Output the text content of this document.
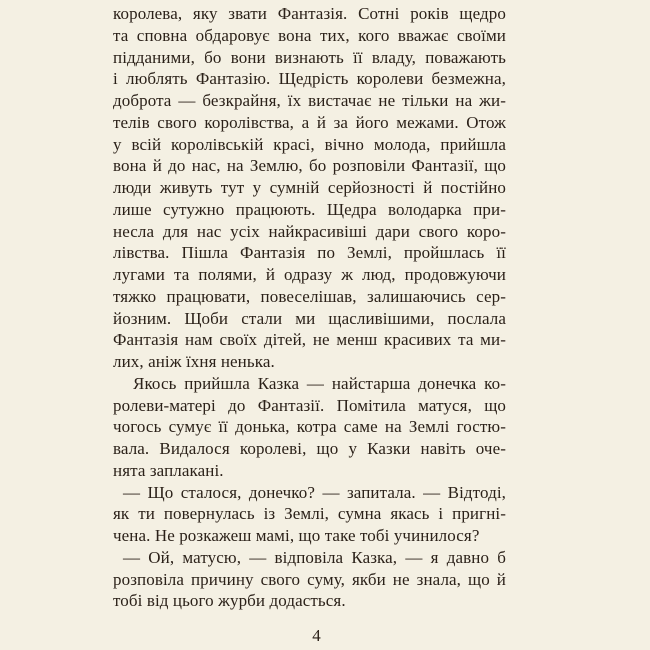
королева, яку звати Фантазія. Сотні років щедро
та сповна обдаровує вона тих, кого вважає своїми
підданими, бо вони визнають її владу, поважають
і люблять Фантазію. Щедрість королеви безмежна,
доброта — безкрайня, їх вистачає не тільки на жи-
телів свого королівства, а й за його межами. Отож
у всій королівській красі, вічно молода, прийшла
вона й до нас, на Землю, бо розповіли Фантазії, що
люди живуть тут у сумній серйозності й постійно
лише сутужно працюють. Щедра володарка при-
несла для нас усіх найкрасивіші дари свого коро-
лівства. Пішла Фантазія по Землі, пройшлась її
лугами та полями, й одразу ж люд, продовжуючи
тяжко працювати, повеселішав, залишаючись сер-
йозним. Щоби стали ми щасливішими, послала
Фантазія нам своїх дітей, не менш красивих та ми-
лих, аніж їхня ненька.
Якось прийшла Казка — найстарша донечка ко-
ролеви-матері до Фантазії. Помітила матуся, що
чогось сумує її донька, котра саме на Землі гостю-
вала. Видалося королеві, що у Казки навіть оче-
нята заплакані.
— Що сталося, донечко? — запитала. — Відтоді,
як ти повернулась із Землі, сумна якась і пригні-
чена. Не розкажеш мамі, що таке тобі учинилося?
— Ой, матусю, — відповіла Казка, — я давно б
розповіла причину свого суму, якби не знала, що й
тобі від цього журби додасться.
4
